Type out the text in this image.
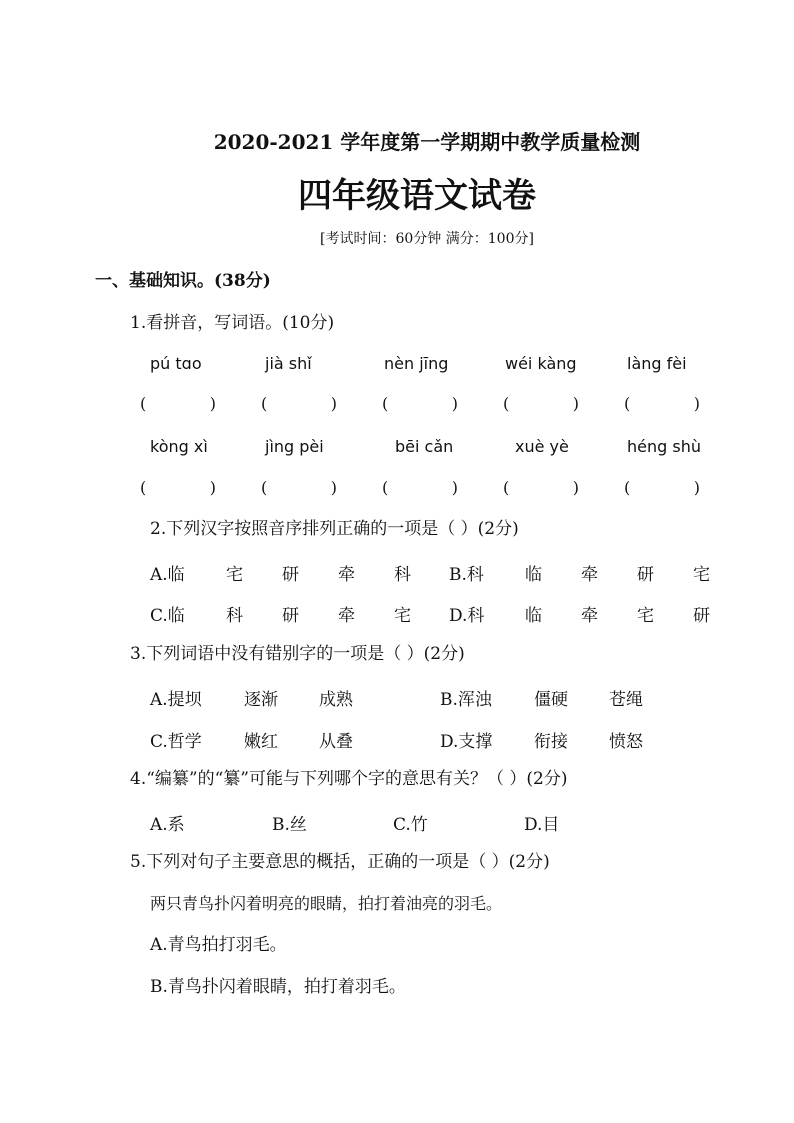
2020-2021 学年度第一学期期中教学质量检测
四年级语文试卷
[考试时间：60分钟 满分：100分]
一、基础知识。(38分)
1.看拼音，写词语。(10分)
pú tɑo	jià shǐ	nèn jīng	wéi kàng	làng fèi
(	)	(	)	(	)	(	)	(	)
kòng xì	jìng pèi	bēi cǎn	xuè yè	héng shù
(	)	(	)	(	)	(	)	(	)
2.下列汉字按照音序排列正确的一项是（ ）(2分)
A.临 宅 研 牵 科 B.科 临 牵 研 宅
C.临 科 研 牵 宅 D.科 临 牵 宅 研
3.下列词语中没有错别字的一项是（ ）(2分)
A.提坝 逐渐 成熟	B.浑浊 僵硬 苍绳
C.哲学 嫩红 从叠	D.支撑 衔接 愤怒
4.“编纂”的“纂”可能与下列哪个字的意思有关？（ ）(2分)
A.系	B.丝	C.竹	D.目
5.下列对句子主要意思的概括，正确的一项是（ ）(2分)
两只青鸟扑闪着明亮的眼睛，拍打着油亮的羽毛。
A.青鸟拍打羽毛。
B.青鸟扑闪着眼睛，拍打着羽毛。
